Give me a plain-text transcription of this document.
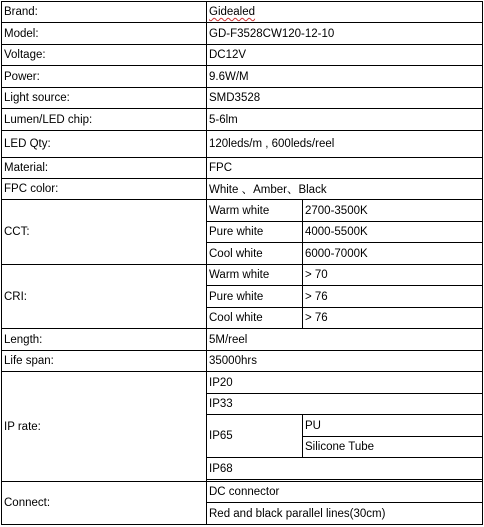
Brand:	Gidealed	
Model:	GD-F3528CW120-12-10	
Voltage:	DC12V	
Power:	9.6W/M	
Light source:	SMD3528	
Lumen/LED chip:	5-6lm	
LED Qty:	120leds/m , 600leds/reel	
Material:	FPC	
FPC color:	White 、Amber、Black	
CCT:	Warm white	2700-3500K
	Pure white	4000-5500K
	Cool white	6000-7000K
CRI:	Warm white	> 70
	Pure white	> 76
	Cool white	> 76
Length:	5M/reel	
Life span:	35000hrs	
IP rate:	IP20	
	IP33	
	IP65	PU
		Silicone Tube
	IP68	

Connect:	DC connector	
	Red and black parallel lines(30cm)	
